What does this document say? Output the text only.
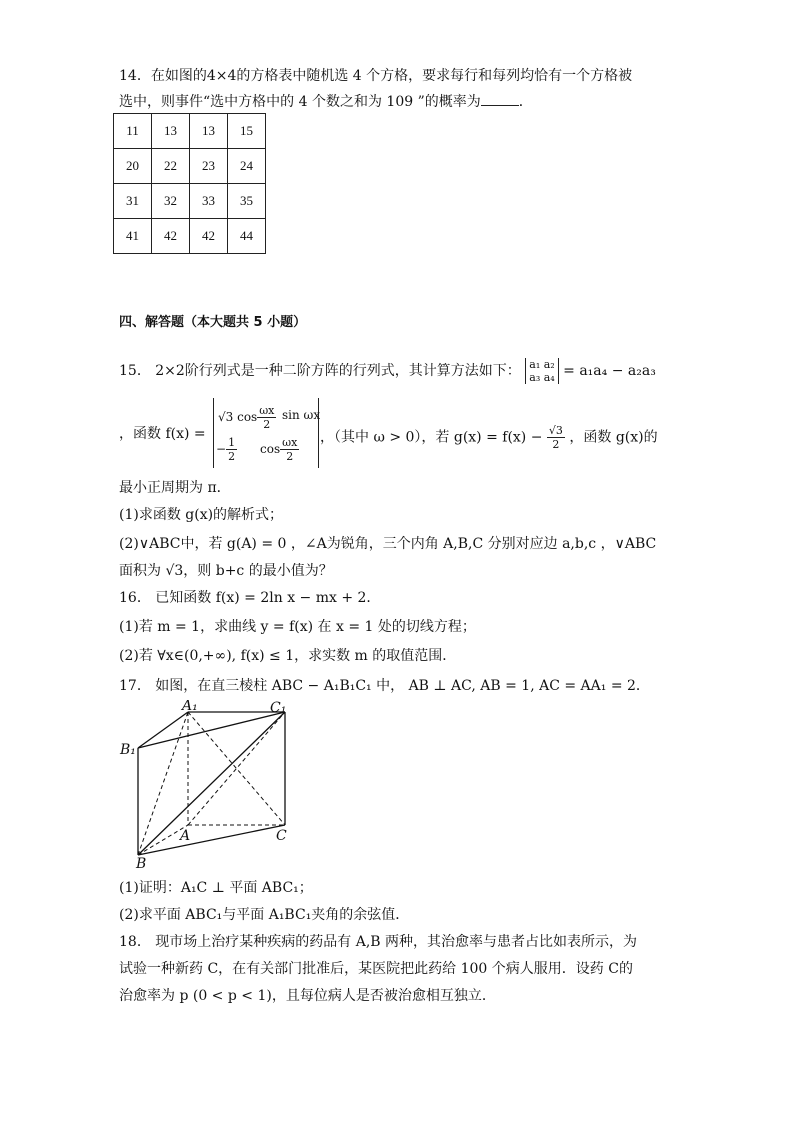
14．在如图的4×4的方格表中随机选 4 个方格，要求每行和每列均恰有一个方格被
选中，则事件“选中方格中的 4 个数之和为 109 ”的概率为	．
11	13	13	15
20	22	23	24
31	32	33	35
41	42	42	44
四、解答题（本大题共 5 小题）
15． 2×2阶行列式是一种二阶方阵的行列式，其计算方法如下： a₁ a₂
a₃ a₄ = a₁a₄ − a₂a₃
，函数 f(x) =
√3 $\cos \frac{\omega x}{2}$ sin ωx
− $\frac{1}{2}$ $\cos \frac{\omega x}{2}$ ，（其中 ω > 0），若 $g(x) = f(x) - \frac{√3}{2}$ ，函数 g(x)的
最小正周期为 π．
(1)求函数 g(x)的解析式；
(2)∨ABC中，若 g(A) = 0 ，∠A为锐角，三个内角 A,B,C 分别对应边 a,b,c ，∨ABC
面积为 √3，则 b+c 的最小值为？
16． 已知函数 f(x) = 2ln x − mx + 2．
(1)若 m = 1，求曲线 y = f(x) 在 x = 1 处的切线方程；
(2)若 ∀x∈(0,+∞), f(x) ≤ 1，求实数 m 的取值范围．
17． 如图，在直三棱柱 ABC − A₁B₁C₁ 中， AB ⊥ AC, AB = 1, AC = AA₁ = 2．
A₁	C₁
B₁
A
B
C
(1)证明：A₁C ⊥ 平面 ABC₁；
(2)求平面 ABC₁与平面 A₁BC₁夹角的余弦值．
18． 现市场上治疗某种疾病的药品有 A,B 两种，其治愈率与患者占比如表所示，为
试验一种新药 C，在有关部门批准后，某医院把此药给 100 个病人服用．设药 C的
治愈率为 p (0 < p < 1)，且每位病人是否被治愈相互独立．
